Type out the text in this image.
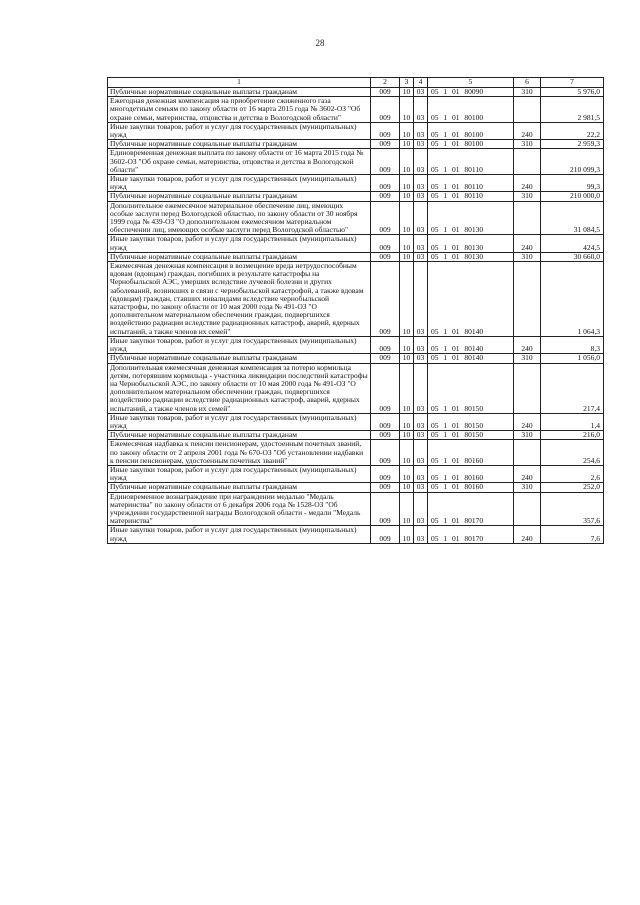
28
1	2	3	4	5	6	7
Публичные нормативные социальные выплаты гражданам	009	10	03	05 1 01 80090	310	5 976,0
Ежегодная денежная компенсация на приобретение сжиженного газа многодетным семьям по закону области от 16 марта 2015 года № 3602-ОЗ "Об охране семьи, материнства, отцовства и детства в Вологодской области"	009	10	03	05 1 01 80100		2 981,5
Иные закупки товаров, работ и услуг для государственных (муниципальных) нужд	009	10	03	05 1 01 80100	240	22,2
Публичные нормативные социальные выплаты гражданам	009	10	03	05 1 01 80100	310	2 959,3
Единовременная денежная выплата по закону области от 16 марта 2015 года № 3602-ОЗ "Об охране семьи, материнства, отцовства и детства в Вологодской области"	009	10	03	05 1 01 80110		210 099,3
Иные закупки товаров, работ и услуг для государственных (муниципальных) нужд	009	10	03	05 1 01 80110	240	99,3
Публичные нормативные социальные выплаты гражданам	009	10	03	05 1 01 80110	310	210 000,0
Дополнительное ежемесячное материальное обеспечение лиц, имеющих особые заслуги перед Вологодской областью, по закону области от 30 ноября 1999 года № 439-ОЗ "О дополнительном ежемесячном материальном обеспечении лиц, имеющих особые заслуги перед Вологодской областью"	009	10	03	05 1 01 80130		31 084,5
Иные закупки товаров, работ и услуг для государственных (муниципальных) нужд	009	10	03	05 1 01 80130	240	424,5
Публичные нормативные социальные выплаты гражданам	009	10	03	05 1 01 80130	310	30 660,0
Ежемесячная денежная компенсация в возмещение вреда нетрудоспособным вдовам (вдовцам) граждан, погибших в результате катастрофы на Чернобыльской АЭС, умерших вследствие лучевой болезни и других заболеваний, возникших в связи с чернобыльской катастрофой, а также вдовам (вдовцам) граждан, ставших инвалидами вследствие чернобыльской катастрофы, по закону области от 10 мая 2000 года № 491-ОЗ "О дополнительном материальном обеспечении граждан, подвергшихся воздействию радиации вследствие радиационных катастроф, аварий, ядерных испытаний, а также членов их семей"	009	10	03	05 1 01 80140		1 064,3
Иные закупки товаров, работ и услуг для государственных (муниципальных) нужд	009	10	03	05 1 01 80140	240	8,3
Публичные нормативные социальные выплаты гражданам	009	10	03	05 1 01 80140	310	1 056,0
Дополнительная ежемесячная денежная компенсация за потерю кормильца детям, потерявшим кормильца - участника ликвидации последствий катастрофы на Чернобыльской АЭС, по закону области от 10 мая 2000 года № 491-ОЗ "О дополнительном материальном обеспечении граждан, подвергшихся воздействию радиации вследствие радиационных катастроф, аварий, ядерных испытаний, а также членов их семей"	009	10	03	05 1 01 80150		217,4
Иные закупки товаров, работ и услуг для государственных (муниципальных) нужд	009	10	03	05 1 01 80150	240	1,4
Публичные нормативные социальные выплаты гражданам	009	10	03	05 1 01 80150	310	216,0
Ежемесячная надбавка к пенсии пенсионерам, удостоенным почетных званий, по закону области от 2 апреля 2001 года № 670-ОЗ "Об установлении надбавки к пенсии пенсионерам, удостоенным почетных званий"	009	10	03	05 1 01 80160		254,6
Иные закупки товаров, работ и услуг для государственных (муниципальных) нужд	009	10	03	05 1 01 80160	240	2,6
Публичные нормативные социальные выплаты гражданам	009	10	03	05 1 01 80160	310	252,0
Единовременное вознаграждение при награждении медалью "Медаль материнства" по закону области от 6 декабря 2006 года № 1528-ОЗ "Об учреждении государственной награды Вологодской области - медали "Медаль материнства"	009	10	03	05 1 01 80170		357,6
Иные закупки товаров, работ и услуг для государственных (муниципальных) нужд	009	10	03	05 1 01 80170	240	7,6
